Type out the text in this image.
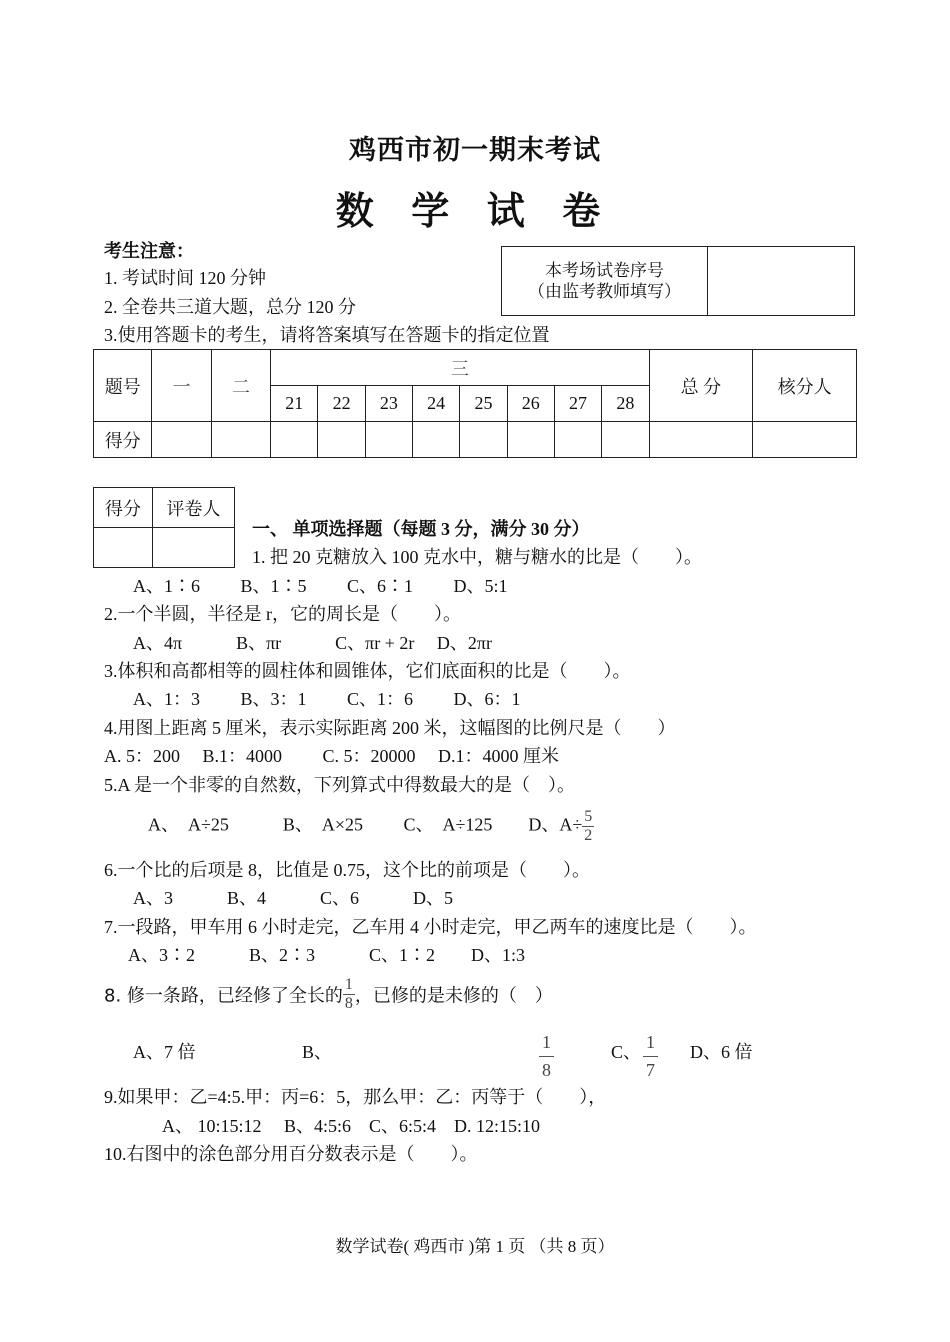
鸡西市初一期末考试
数 学 试 卷
考生注意：
1. 考试时间 120 分钟
2. 全卷共三道大题，总分 120 分
3.使用答题卡的考生，请将答案填写在答题卡的指定位置
本考场试卷序号
（由监考教师填写）

题号	一	二	三								总 分	核分人
			21	22	23	24	25	26	27	28		
得分												
得分	评卷人

一、 单项选择题（每题 3 分，满分 30 分）
1. 把 20 克糖放入 100 克水中，糖与糖水的比是（　　）。
A、1∶6　　 B、1∶5　　 C、6∶1　　 D、5:1
2.一个半圆，半径是 r，它的周长是（　　）。
A、4π　　　B、πr　　　C、πr + 2r　 D、2πr
3.体积和高都相等的圆柱体和圆锥体，它们底面积的比是（　　）。
A、1：3　　 B、3：1　　 C、1：6　　 D、6：1
4.用图上距离 5 厘米，表示实际距离 200 米，这幅图的比例尺是（　　）
A. 5：200　 B.1：4000　　 C. 5：20000　 D.1：4000 厘米
5.A 是一个非零的自然数，下列算式中得数最大的是（　）。
A、　A÷25　　　B、　A×25　　 C、　A÷125　　D、$A\div \frac{5}{2}$
6.一个比的后项是 8，比值是 0.75，这个比的前项是（　　）。
A、3　　　B、4　　　C、6　　　D、5
7.一段路，甲车用 6 小时走完，乙车用 4 小时走完，甲乙两车的速度比是（　　）。
A、3∶2　　　B、2∶3　　　C、1∶2　　D、1:3
8. 修一条路，已经修了全长的 $\frac{1}{8}$ ，已修的是未修的（　）
A、7 倍	B、	$\frac{1}{8}$	C、 $\frac{1}{7}$ D、6 倍
9.如果甲：乙=4:5.甲：丙=6：5，那么甲：乙：丙等于（　　），
A、 10:15:12　 B、4:5:6　C、6:5:4　D. 12:15:10
10.右图中的涂色部分用百分数表示是（　　）。
数学试卷( 鸡西市 )第 1 页 （共 8 页）
